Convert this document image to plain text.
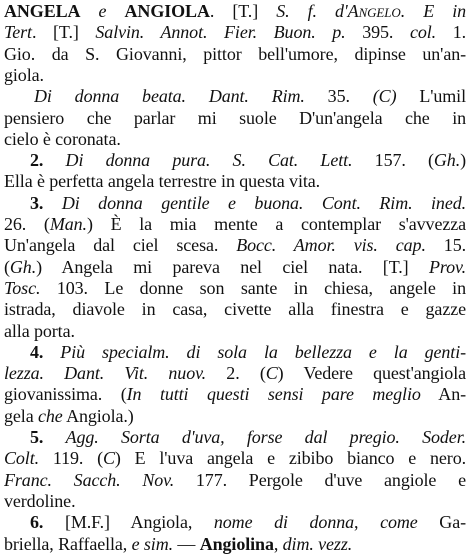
ANGELA e ANGIOLA. [T.] S. f. d'Angelo. E in
Tert. [T.] Salvin. Annot. Fier. Buon. p. 395. col. 1.
Gio. da S. Giovanni, pittor bell'umore, dipinse un'an-
giola.
Di donna beata. Dant. Rim. 35. (C) L'umil
pensiero che parlar mi suole D'un'angela che in
cielo è coronata.
2. Di donna pura. S. Cat. Lett. 157. (Gh.)
Ella è perfetta angela terrestre in questa vita.
3. Di donna gentile e buona. Cont. Rim. ined.
26. (Man.) È la mia mente a contemplar s'avvezza
Un'angela dal ciel scesa. Bocc. Amor. vis. cap. 15.
(Gh.) Angela mi pareva nel ciel nata. [T.] Prov.
Tosc. 103. Le donne son sante in chiesa, angele in
istrada, diavole in casa, civette alla finestra e gazze
alla porta.
4. Più specialm. di sola la bellezza e la genti-
lezza. Dant. Vit. nuov. 2. (C) Vedere quest'angiola
giovanissima. (In tutti questi sensi pare meglio An-
gela che Angiola.)
5. Agg. Sorta d'uva, forse dal pregio. Soder.
Colt. 119. (C) E l'uva angela e zibibo bianco e nero.
Franc. Sacch. Nov. 177. Pergole d'uve angiole e
verdoline.
6. [M.F.] Angiola, nome di donna, come Ga-
briella, Raffaella, e sim. — Angiolina, dim. vezz.
